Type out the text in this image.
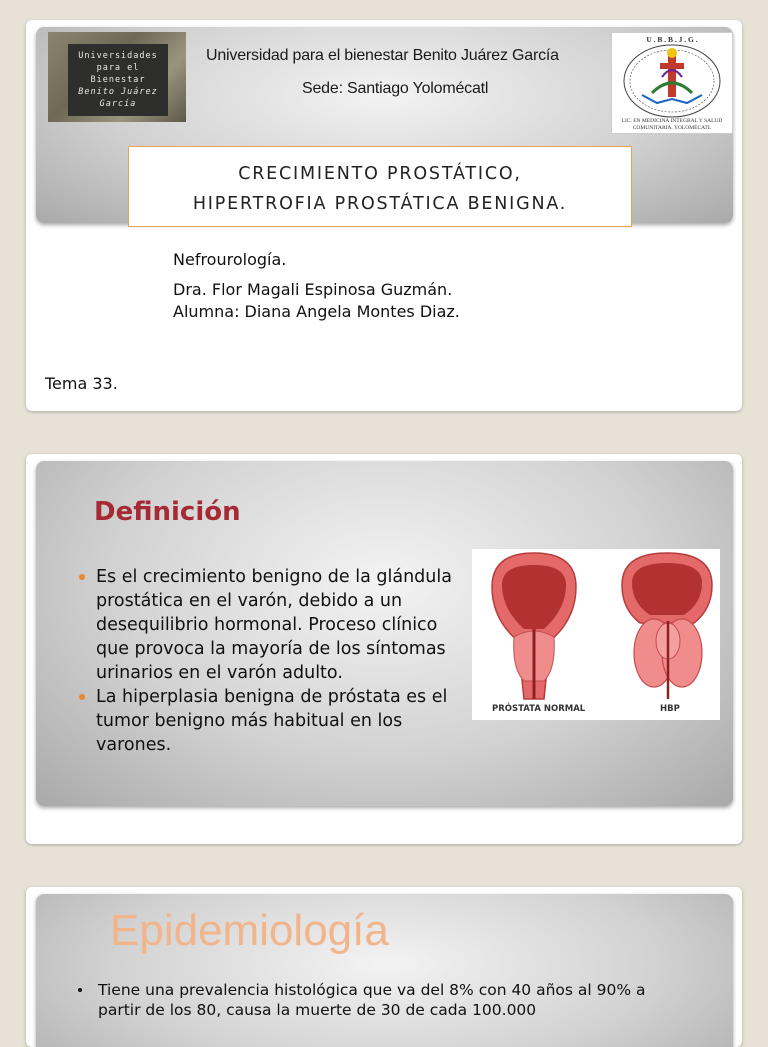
Universidades
para el
Bienestar
Benito Juárez
García
Universidad para el bienestar Benito Juárez García
Sede: Santiago Yolomécatl
U . B . B . J . G .
LIC. EN MEDICINA INTEGRAL Y SALUD COMUNITARIA. YOLOMÉCATL
CRECIMIENTO PROSTÁTICO,
HIPERTROFIA PROSTÁTICA BENIGNA.
Nefrourología.
Dra. Flor Magali Espinosa Guzmán.
Alumna: Diana Angela Montes Diaz.
Tema 33.
Definición
Es el crecimiento benigno de la glándula prostática en el varón, debido a un desequilibrio hormonal. Proceso clínico que provoca la mayoría de los síntomas urinarios en el varón adulto.
La hiperplasia benigna de próstata es el tumor benigno más habitual en los varones.
PRÓSTATA NORMAL	HBP
Epidemiología
Tiene una prevalencia histológica que va del 8% con 40 años al 90% a partir de los 80, causa la muerte de 30 de cada 100.000
